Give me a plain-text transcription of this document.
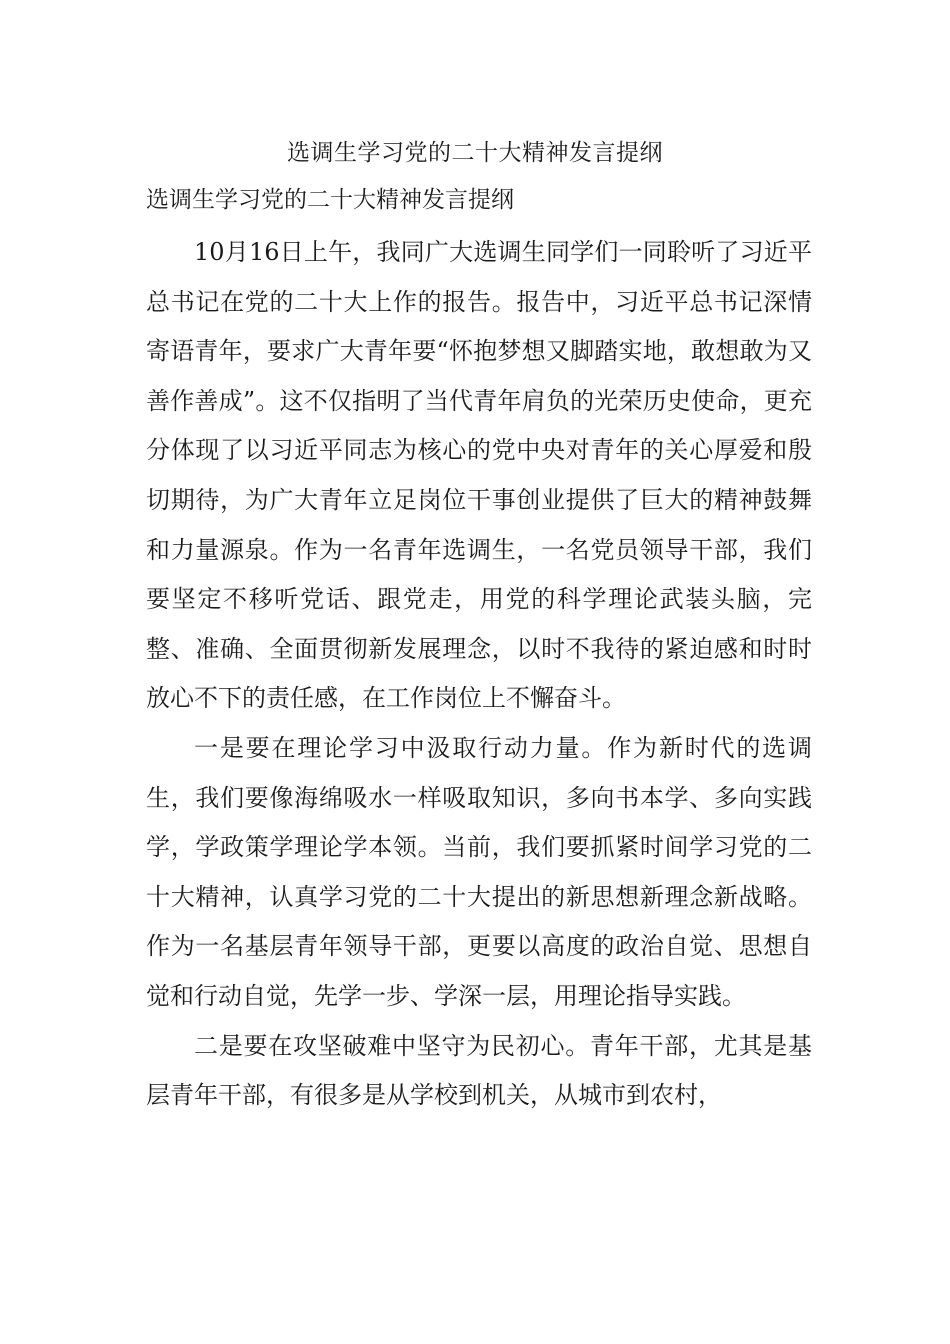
选调生学习党的二十大精神发言提纲
选调生学习党的二十大精神发言提纲

10月16日上午，我同广大选调生同学们一同聆听了习近平总书记在党的二十大上作的报告。报告中，习近平总书记深情寄语青年，要求广大青年要“怀抱梦想又脚踏实地，敢想敢为又善作善成”。这不仅指明了当代青年肩负的光荣历史使命，更充分体现了以习近平同志为核心的党中央对青年的关心厚爱和殷切期待，为广大青年立足岗位干事创业提供了巨大的精神鼓舞和力量源泉。作为一名青年选调生，一名党员领导干部，我们要坚定不移听党话、跟党走，用党的科学理论武装头脑，完整、准确、全面贯彻新发展理念，以时不我待的紧迫感和时时放心不下的责任感，在工作岗位上不懈奋斗。

一是要在理论学习中汲取行动力量。作为新时代的选调生，我们要像海绵吸水一样吸取知识，多向书本学、多向实践学，学政策学理论学本领。当前，我们要抓紧时间学习党的二十大精神，认真学习党的二十大提出的新思想新理念新战略。作为一名基层青年领导干部，更要以高度的政治自觉、思想自觉和行动自觉，先学一步、学深一层，用理论指导实践。

二是要在攻坚破难中坚守为民初心。青年干部，尤其是基层青年干部，有很多是从学校到机关，从城市到农村，
